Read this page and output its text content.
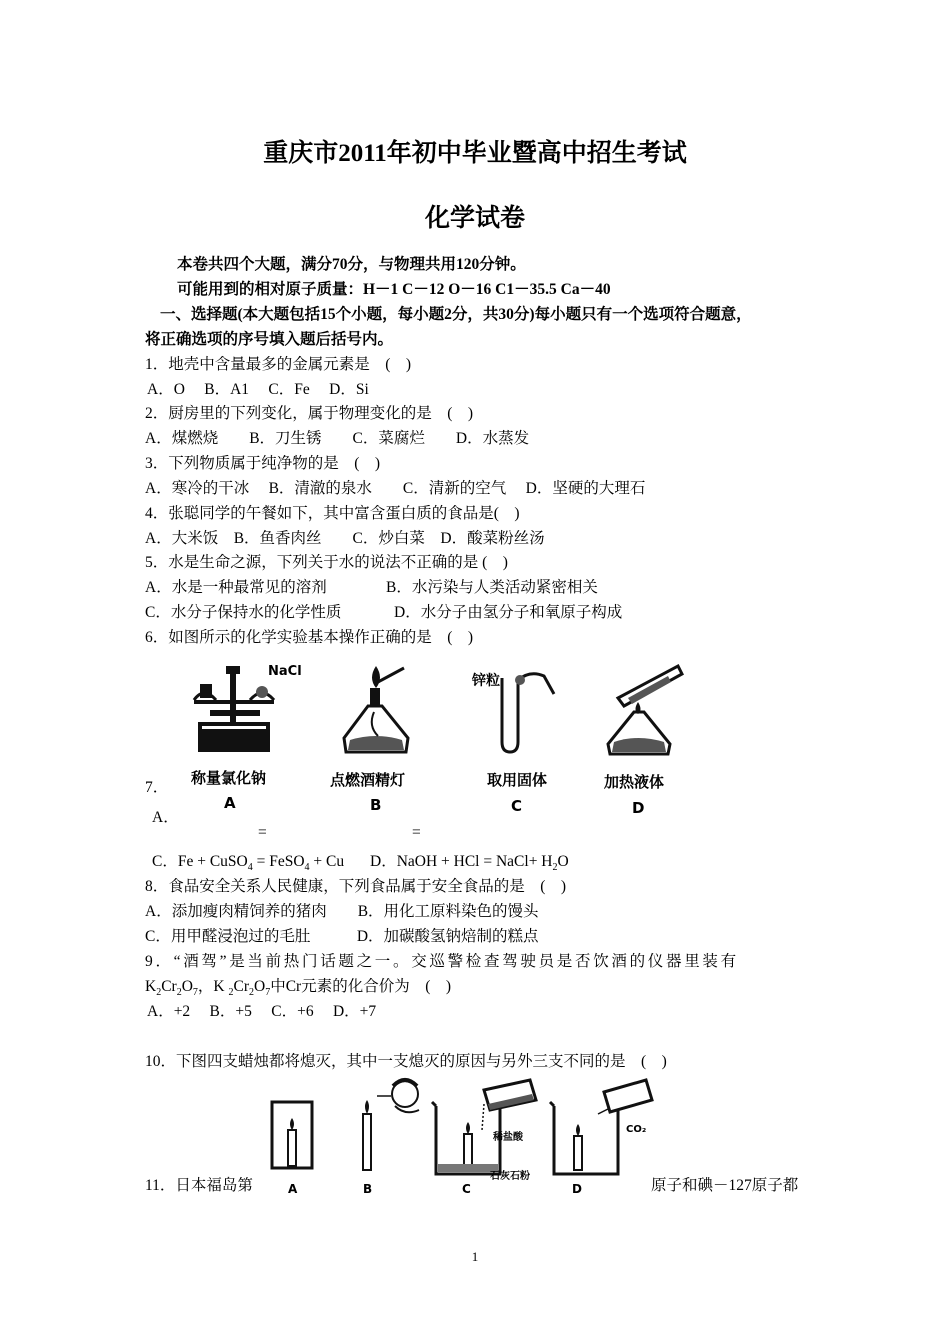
重庆市2011年初中毕业暨高中招生考试
化学试卷
本卷共四个大题，满分70分，与物理共用120分钟。
可能用到的相对原子质量：H－1 C－12 O－16 C1－35.5 Ca－40
一、选择题(本大题包括15个小题，每小题2分，共30分)每小题只有一个选项符合题意，
将正确选项的序号填入题后括号内。
1．地壳中含量最多的金属元素是　(　)
A．O　 B．A1　 C．Fe　 D．Si
2．厨房里的下列变化，属于物理变化的是　(　)
A．煤燃烧　　B．刀生锈　　C．菜腐烂　　D．水蒸发
3．下列物质属于纯净物的是　(　)
A．寒冷的干冰　 B．清澈的泉水　　C．清新的空气　 D．坚硬的大理石
4．张聪同学的午餐如下，其中富含蛋白质的食品是(　)
A．大米饭　B．鱼香肉丝　　C．炒白菜　D．酸菜粉丝汤
5．水是生命之源，下列关于水的说法不正确的是 (　)
A．水是一种最常见的溶剂	B．水污染与人类活动紧密相关
C．水分子保持水的化学性质	D．水分子由氢分子和氧原子构成
6．如图所示的化学实验基本操作正确的是　(　)
NaCl
锌粒
称量氯化钠	点燃酒精灯	取用固体	加热液体
A	B	C	D
7．
A．
=	=
C．Fe + CuSO$_4$ = FeSO$_4$ + Cu D．NaOH + HCl = NaCl+ $H_2O$
8．食品安全关系人民健康，下列食品属于安全食品的是　(　)
A．添加瘦肉精饲养的猪肉　　B．用化工原料染色的馒头
C．用甲醛浸泡过的毛肚　　　D．加碳酸氢钠焙制的糕点
9．“酒驾”是当前热门话题之一。交巡警检查驾驶员是否饮酒的仪器里装有
$K_2Cr_2O_7$，K $_2Cr_2O_7$中Cr元素的化合价为　(　)
A．+2　 B．+5　 C．+6　 D．+7
10．下图四支蜡烛都将熄灭，其中一支熄灭的原因与另外三支不同的是　(　)
稀盐酸
石灰石粉
CO₂
A	B	C	D
11．日本福岛第	原子和碘－127原子都
1
